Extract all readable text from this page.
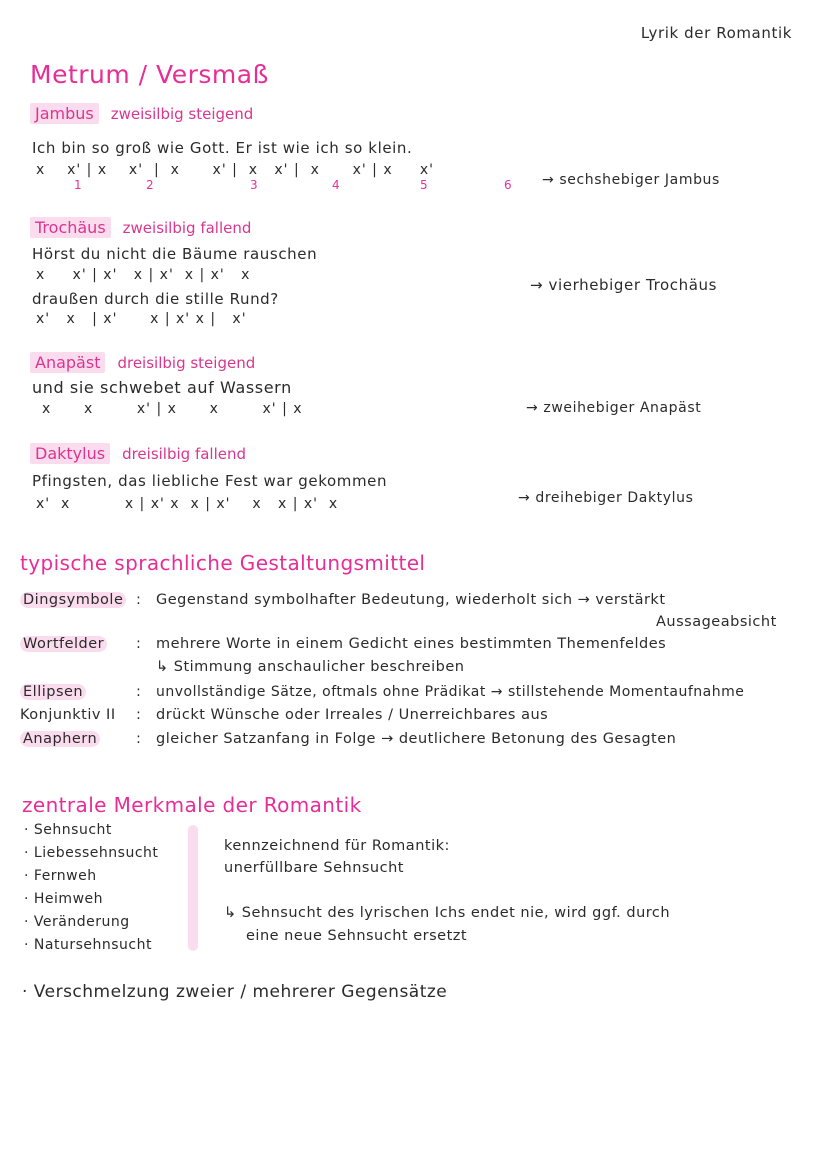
Lyrik der Romantik
Metrum / Versmaß
Jambus zweisilbig steigend
Ich bin so groß wie Gott. Er ist wie ich so klein.
x    x' | x    x'  |  x      x' |  x   x' |  x      x' | x     x'
1	2	3	4	5	6 → sechshebiger Jambus
Trochäus zweisilbig fallend
Hörst du nicht die Bäume rauschen
x     x' | x'   x | x'  x | x'   x
draußen durch die stille Rund?
x'   x   | x'      x | x' x |   x'
→ vierhebiger Trochäus
Anapäst dreisilbig steigend
und sie schwebet auf Wassern
x      x        x' | x      x        x' | x	→ zweihebiger Anapäst
Daktylus dreisilbig fallend
Pfingsten, das liebliche Fest war gekommen
x'  x          x | x' x  x | x'    x   x | x'  x	→ dreihebiger Daktylus
typische sprachliche Gestaltungsmittel
Dingsymbole : Gegenstand symbolhafter Bedeutung, wiederholt sich → verstärkt
Aussageabsicht
Wortfelder : mehrere Worte in einem Gedicht eines bestimmten Themenfeldes
↳ Stimmung anschaulicher beschreiben
Ellipsen	: unvollständige Sätze, oftmals ohne Prädikat → stillstehende Momentaufnahme
Konjunktiv II : drückt Wünsche oder Irreales / Unerreichbares aus
Anaphern	: gleicher Satzanfang in Folge → deutlichere Betonung des Gesagten
zentrale Merkmale der Romantik
· Sehnsucht
· Liebessehnsucht
· Fernweh
· Heimweh
· Veränderung
· Natursehnsucht
kennzeichnend für Romantik:
unerfüllbare Sehnsucht
↳ Sehnsucht des lyrischen Ichs endet nie, wird ggf. durch
eine neue Sehnsucht ersetzt
· Verschmelzung zweier / mehrerer Gegensätze
